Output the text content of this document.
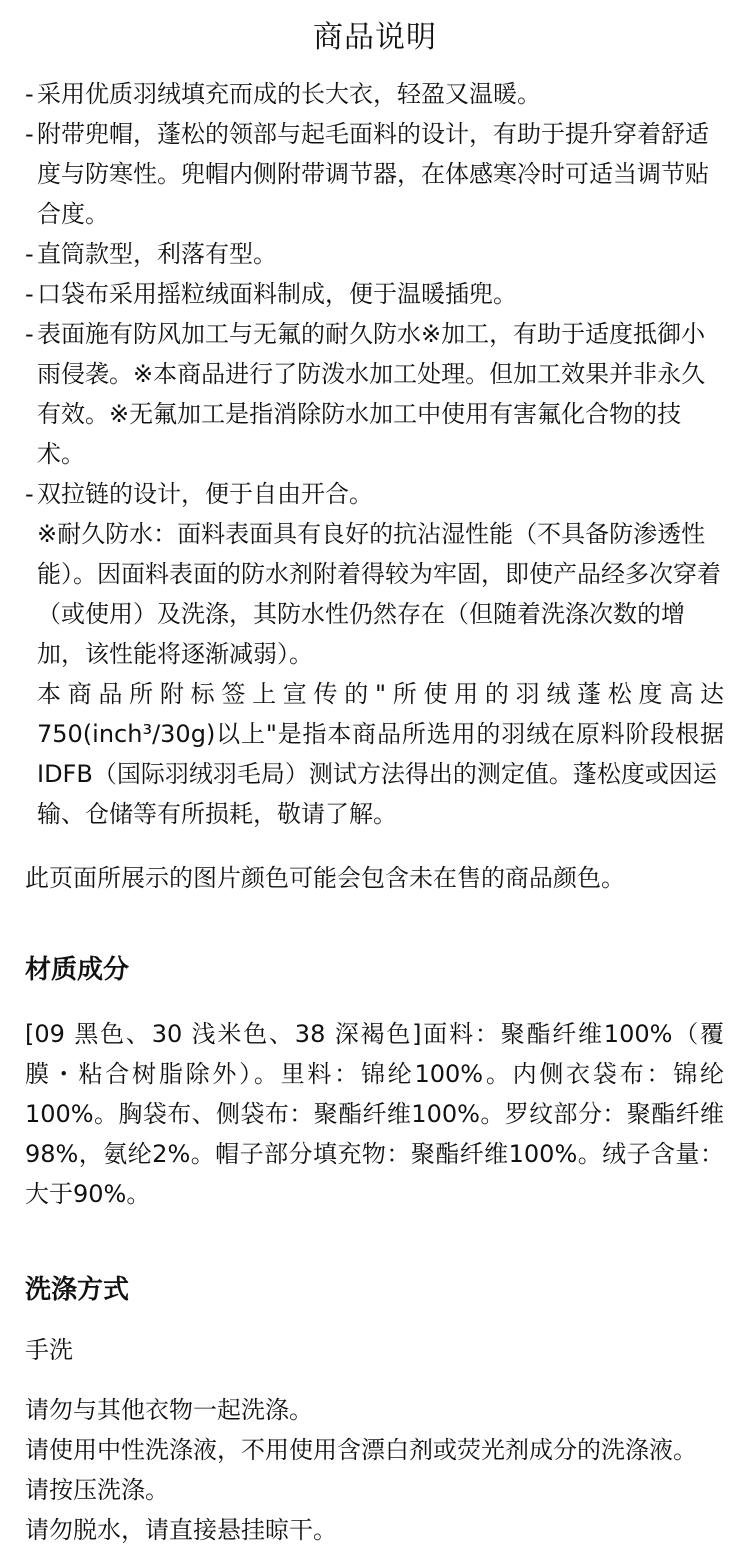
商品说明

- 采用优质羽绒填充而成的长大衣，轻盈又温暖。

- 附带兜帽，蓬松的领部与起毛面料的设计，有助于提升穿着舒适度与防寒性。兜帽内侧附带调节器，在体感寒冷时可适当调节贴合度。

- 直筒款型，利落有型。

- 口袋布采用摇粒绒面料制成，便于温暖插兜。

- 表面施有防风加工与无氟的耐久防水※加工，有助于适度抵御小雨侵袭。※本商品进行了防泼水加工处理。但加工效果并非永久有效。※无氟加工是指消除防水加工中使用有害氟化合物的技术。

- 双拉链的设计，便于自由开合。

※耐久防水：面料表面具有良好的抗沾湿性能（不具备防渗透性能）。因面料表面的防水剂附着得较为牢固，即使产品经多次穿着（或使用）及洗涤，其防水性仍然存在（但随着洗涤次数的增加，该性能将逐渐减弱）。

本商品所附标签上宣传的"所使用的羽绒蓬松度高达
750(inch³/30g)以上"是指本商品所选用的羽绒在原料阶段根据
IDFB（国际羽绒羽毛局）测试方法得出的测定值。蓬松度或因运输、仓储等有所损耗，敬请了解。
此页面所展示的图片颜色可能会包含未在售的商品颜色。
材质成分
[09 黑色、30 浅米色、38 深褐色]面料：聚酯纤维100%（覆膜・粘合树脂除外）。里料：锦纶100%。内侧衣袋布：锦纶100%。胸袋布、侧袋布：聚酯纤维100%。罗纹部分：聚酯纤维98%，氨纶2%。帽子部分填充物：聚酯纤维100%。绒子含量：大于90%。
洗涤方式
手洗

请勿与其他衣物一起洗涤。

请使用中性洗涤液，不用使用含漂白剂或荧光剂成分的洗涤液。

请按压洗涤。

请勿脱水，请直接悬挂晾干。
